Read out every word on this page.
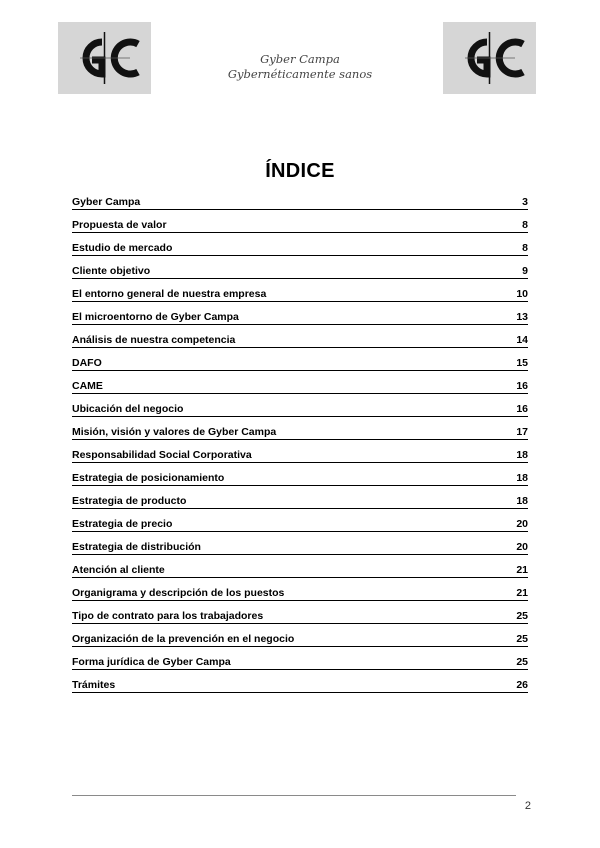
Gyber Campa
Gybernéticamente sanos
ÍNDICE
Gyber Campa	3
Propuesta de valor	8
Estudio de mercado	8
Cliente objetivo	9
El entorno general de nuestra empresa	10
El microentorno de Gyber Campa	13
Análisis de nuestra competencia	14
DAFO	15
CAME	16
Ubicación del negocio	16
Misión, visión y valores de Gyber Campa	17
Responsabilidad Social Corporativa	18
Estrategia de posicionamiento	18
Estrategia de producto	18
Estrategia de precio	20
Estrategia de distribución	20
Atención al cliente	21
Organigrama y descripción de los puestos	21
Tipo de contrato para los trabajadores	25
Organización de la prevención en el negocio	25
Forma jurídica de Gyber Campa	25
Trámites	26
2
